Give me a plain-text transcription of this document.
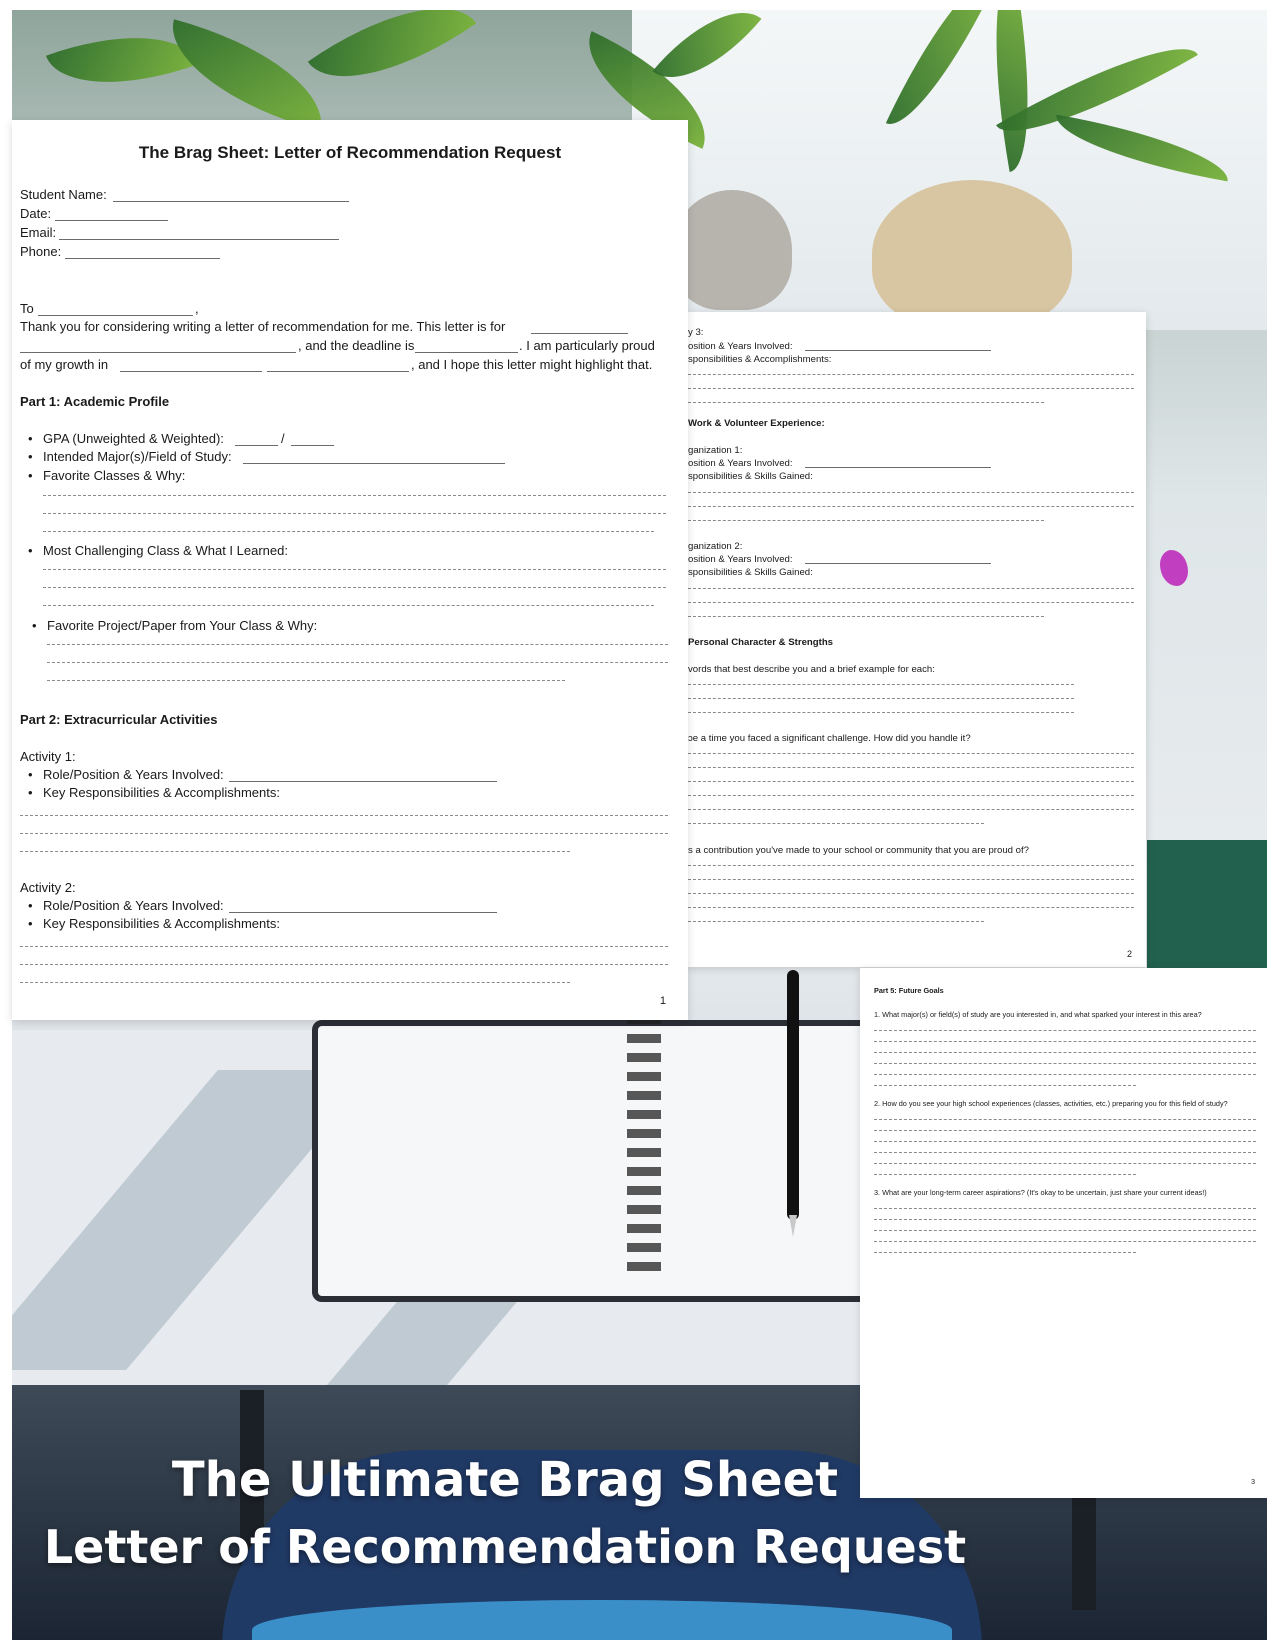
y 3:
osition & Years Involved:
sponsibilities & Accomplishments:
Work & Volunteer Experience:
ganization 1:
osition & Years Involved:
sponsibilities & Skills Gained:
ganization 2:
osition & Years Involved:
sponsibilities & Skills Gained:
Personal Character & Strengths
vords that best describe you and a brief example for each:
ɔe a time you faced a significant challenge. How did you handle it?
s a contribution you've made to your school or community that you are proud of?
2
Part 5: Future Goals
1. What major(s) or field(s) of study are you interested in, and what sparked your interest in this area?
2. How do you see your high school experiences (classes, activities, etc.) preparing you for this field of study?
3. What are your long-term career aspirations? (It's okay to be uncertain, just share your current ideas!)
3
The Brag Sheet: Letter of Recommendation Request
Student Name:
Date:
Email:
Phone:
To	,
Thank you for considering writing a letter of recommendation for me. This letter is for
, and the deadline is	. I am particularly proud
of my growth in	, and I hope this letter might highlight that.
Part 1: Academic Profile
• GPA (Unweighted & Weighted):	/
• Intended Major(s)/Field of Study:
• Favorite Classes & Why:
• Most Challenging Class & What I Learned:
• Favorite Project/Paper from Your Class & Why:
Part 2: Extracurricular Activities
Activity 1:
• Role/Position & Years Involved:
• Key Responsibilities & Accomplishments:
Activity 2:
• Role/Position & Years Involved:
• Key Responsibilities & Accomplishments:
1
The Ultimate Brag Sheet
Letter of Recommendation Request
